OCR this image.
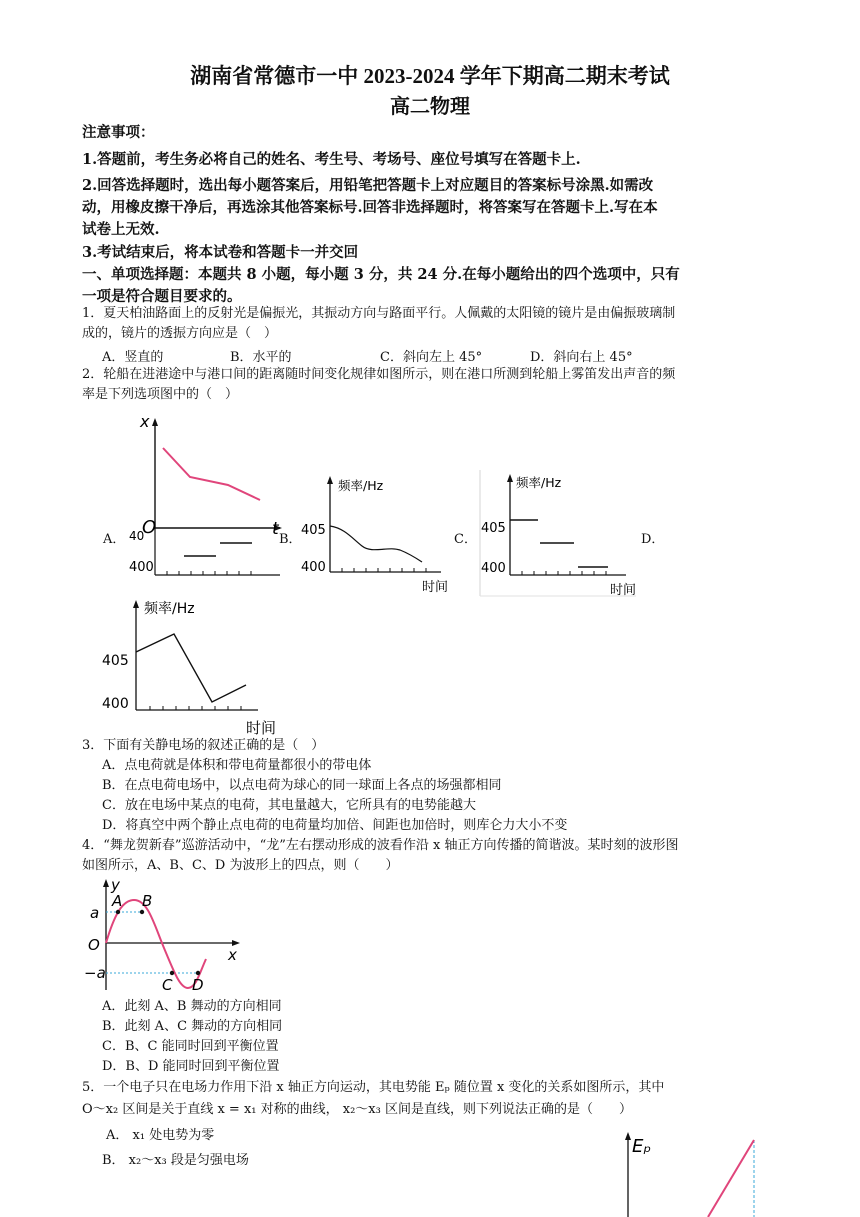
湖南省常德市一中 2023-2024 学年下期高二期末考试
高二物理
注意事项：
1.答题前，考生务必将自己的姓名、考生号、考场号、座位号填写在答题卡上.
2.回答选择题时，选出每小题答案后，用铅笔把答题卡上对应题目的答案标号涂黑.如需改
动，用橡皮擦干净后，再选涂其他答案标号.回答非选择题时，将答案写在答题卡上.写在本
试卷上无效.
3.考试结束后，将本试卷和答题卡一并交回
一、单项选择题：本题共 8 小题，每小题 3 分，共 24 分.在每小题给出的四个选项中，只有
一项是符合题目要求的。
1．夏天柏油路面上的反射光是偏振光，其振动方向与路面平行。人佩戴的太阳镜的镜片是由偏振玻璃制
成的，镜片的透振方向应是（　）
A．竖直的	B．水平的	C．斜向左上 45°	D．斜向右上 45°
2．轮船在进港途中与港口间的距离随时间变化规律如图所示，则在港口所测到轮船上雾笛发出声音的频
率是下列选项图中的（　）
40
400
x
O	t
A．	B．	C．	D．
频率/Hz
405
400
时间
频率/Hz
405
400
时间
频率/Hz
405
400
时间
3．下面有关静电场的叙述正确的是（　）
A．点电荷就是体积和带电荷量都很小的带电体
B．在点电荷电场中，以点电荷为球心的同一球面上各点的场强都相同
C．放在电场中某点的电荷，其电量越大，它所具有的电势能越大
D．将真空中两个静止点电荷的电荷量均加倍、间距也加倍时，则库仑力大小不变
4．“舞龙贺新春”巡游活动中，“龙”左右摆动形成的波看作沿 x 轴正方向传播的简谐波。某时刻的波形图
如图所示，A、B、C、D 为波形上的四点，则（　　）
y
x
O
a
−a
A B
C D
A．此刻 A、B 舞动的方向相同
B．此刻 A、C 舞动的方向相同
C．B、C 能同时回到平衡位置
D．B、D 能同时回到平衡位置
5．一个电子只在电场力作用下沿 x 轴正方向运动，其电势能 Eₚ 随位置 x 变化的关系如图所示，其中
O～x₂ 区间是关于直线 x = x₁ 对称的曲线， x₂～x₃ 区间是直线，则下列说法正确的是（　　）
A． x₁ 处电势为零
B． x₂～x₃ 段是匀强电场
Eₚ
